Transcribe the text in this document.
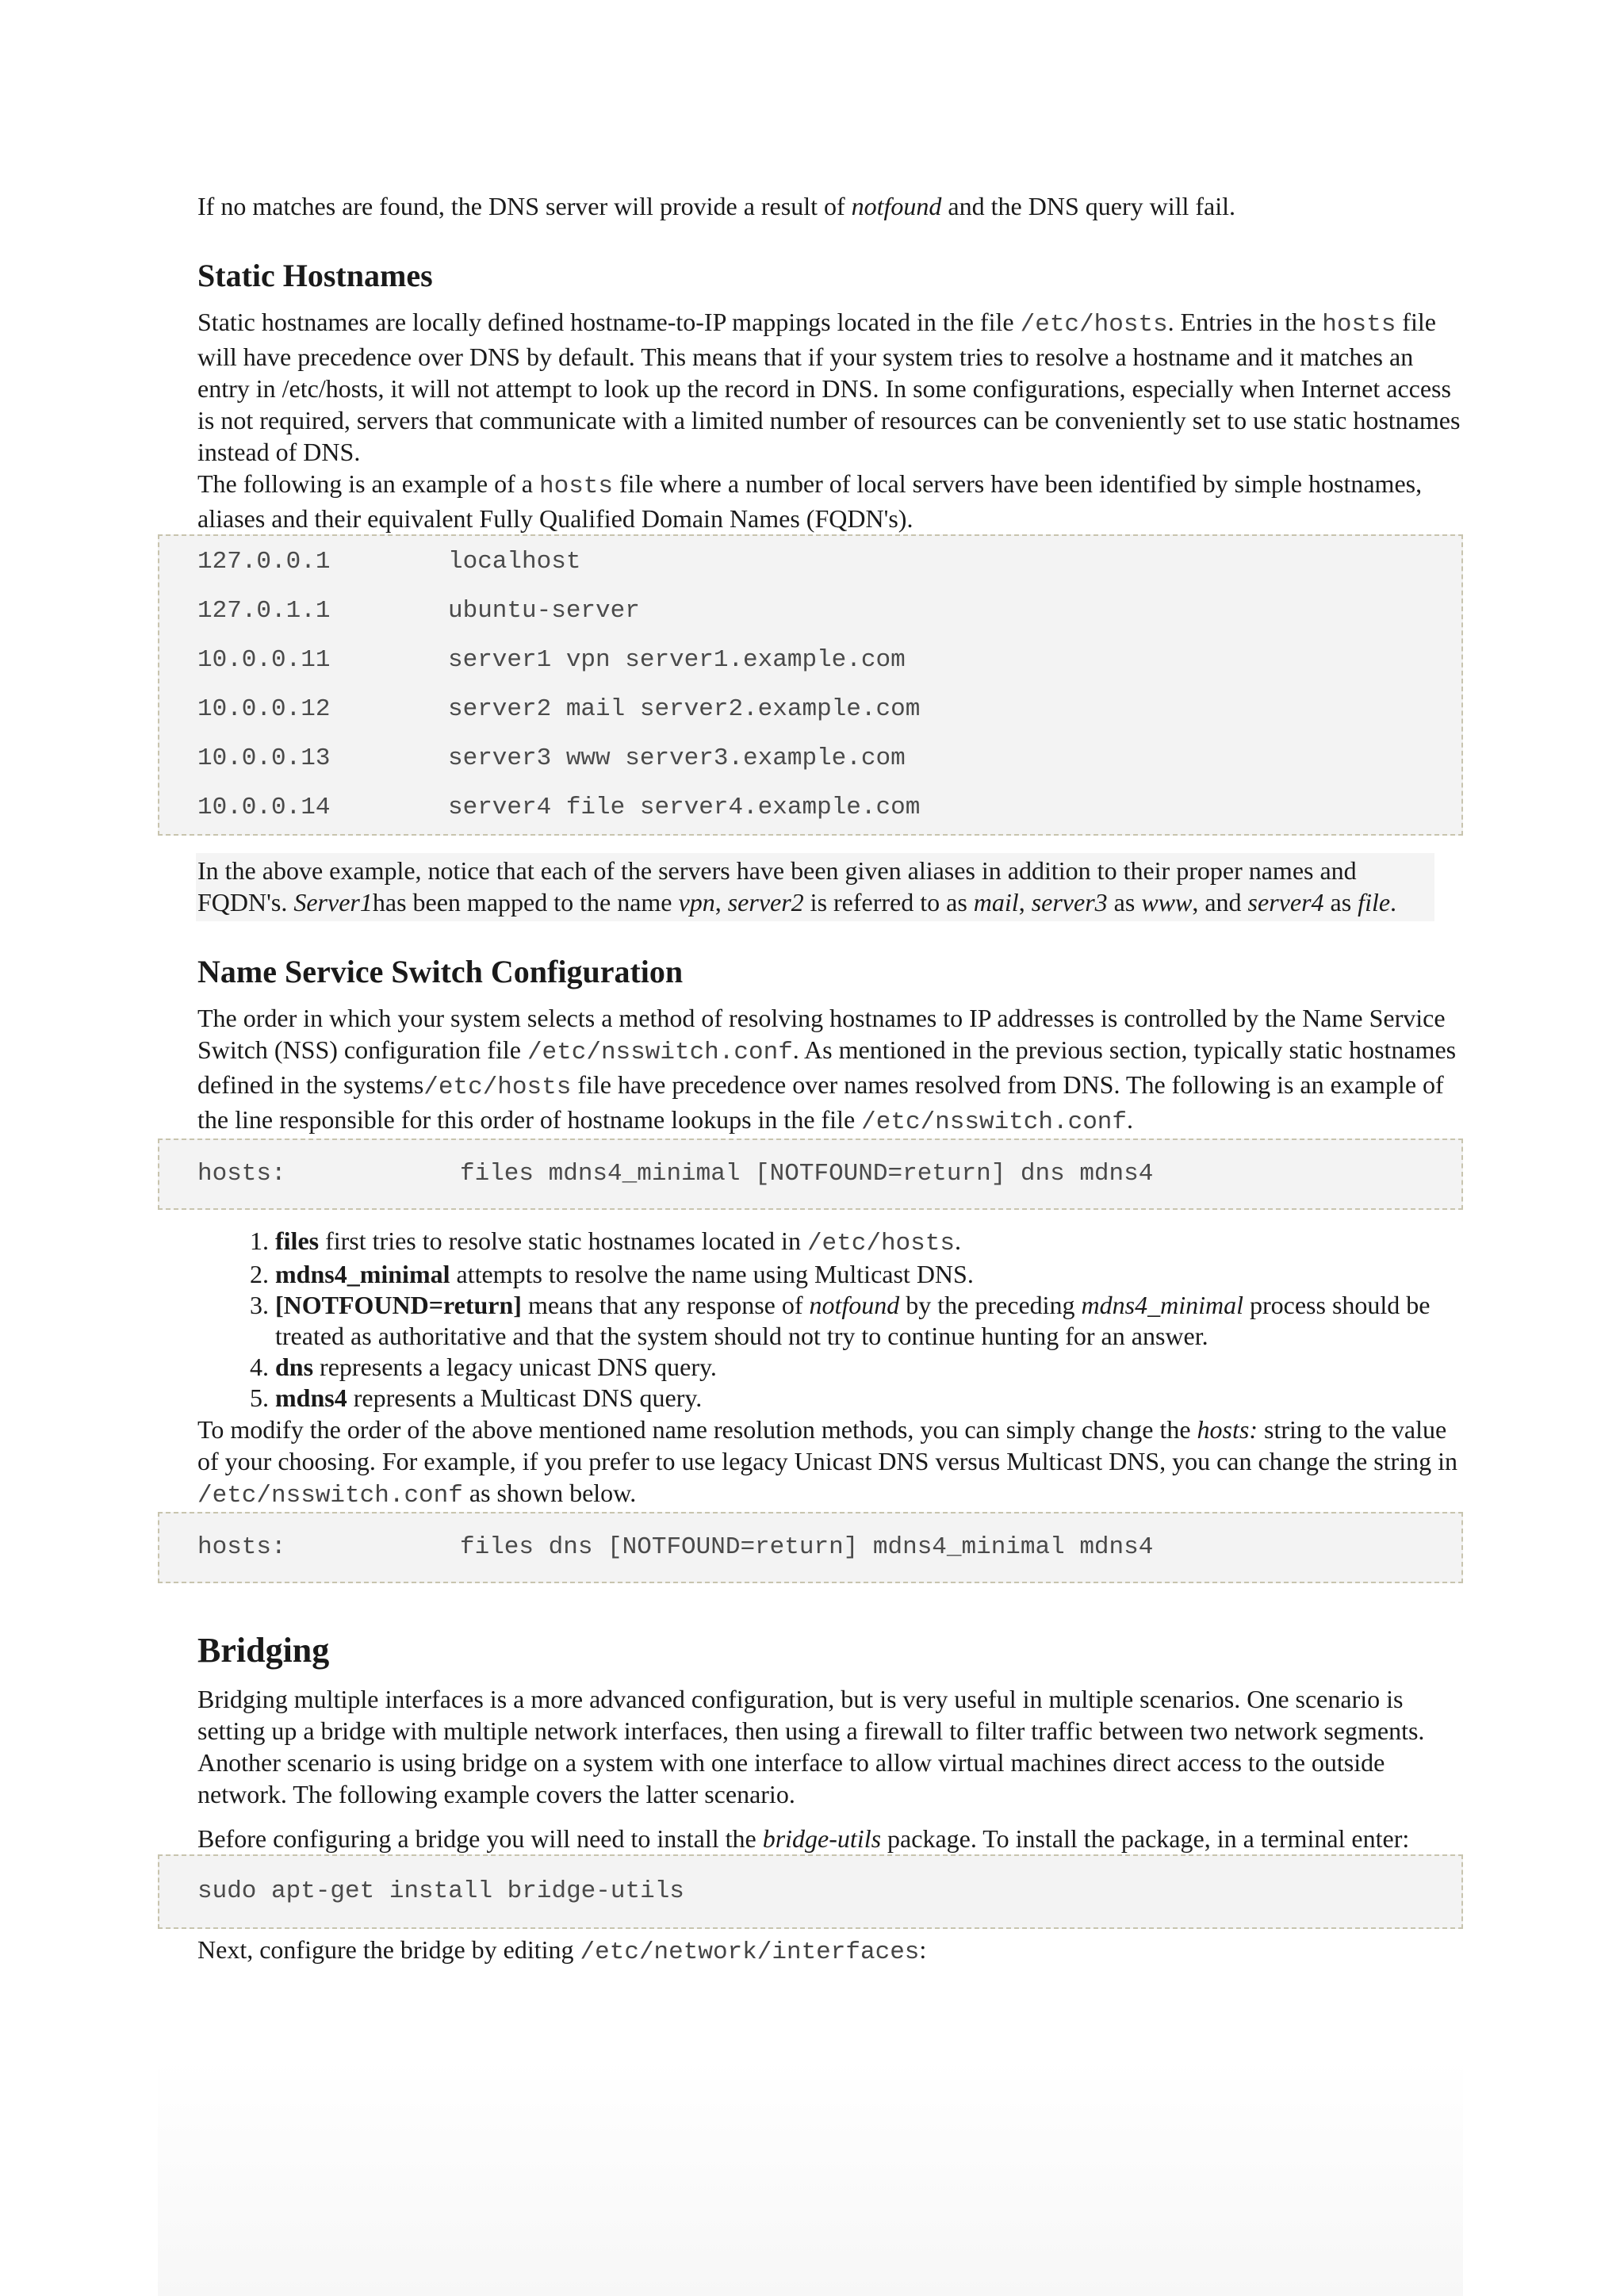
If no matches are found, the DNS server will provide a result of notfound and the DNS query will fail.

Static Hostnames

Static hostnames are locally defined hostname-to-IP mappings located in the file /etc/hosts. Entries in the hosts file will have precedence over DNS by default. This means that if your system tries to resolve a hostname and it matches an entry in /etc/hosts, it will not attempt to look up the record in DNS. In some configurations, especially when Internet access is not required, servers that communicate with a limited number of resources can be conveniently set to use static hostnames instead of DNS.

The following is an example of a hosts file where a number of local servers have been identified by simple hostnames, aliases and their equivalent Fully Qualified Domain Names (FQDN's).

127.0.0.1	localhost
127.0.1.1	ubuntu-server
10.0.0.11	server1 vpn server1.example.com
10.0.0.12	server2 mail server2.example.com
10.0.0.13	server3 www server3.example.com
10.0.0.14	server4 file server4.example.com

In the above example, notice that each of the servers have been given aliases in addition to their proper names and FQDN's. Server1has been mapped to the name vpn, server2 is referred to as mail, server3 as www, and server4 as file.

Name Service Switch Configuration

The order in which your system selects a method of resolving hostnames to IP addresses is controlled by the Name Service Switch (NSS) configuration file /etc/nsswitch.conf. As mentioned in the previous section, typically static hostnames defined in the systems/etc/hosts file have precedence over names resolved from DNS. The following is an example of the line responsible for this order of hostname lookups in the file /etc/nsswitch.conf.

hosts:	files mdns4_minimal [NOTFOUND=return] dns mdns4
1. files first tries to resolve static hostnames located in /etc/hosts.
2. mdns4_minimal attempts to resolve the name using Multicast DNS.
3. [NOTFOUND=return] means that any response of notfound by the preceding mdns4_minimal process should be treated as authoritative and that the system should not try to continue hunting for an answer.
4. dns represents a legacy unicast DNS query.
5. mdns4 represents a Multicast DNS query.

To modify the order of the above mentioned name resolution methods, you can simply change the hosts: string to the value of your choosing. For example, if you prefer to use legacy Unicast DNS versus Multicast DNS, you can change the string in /etc/nsswitch.conf as shown below.

hosts:	files dns [NOTFOUND=return] mdns4_minimal mdns4
Bridging

Bridging multiple interfaces is a more advanced configuration, but is very useful in multiple scenarios. One scenario is setting up a bridge with multiple network interfaces, then using a firewall to filter traffic between two network segments. Another scenario is using bridge on a system with one interface to allow virtual machines direct access to the outside network. The following example covers the latter scenario.

Before configuring a bridge you will need to install the bridge-utils package. To install the package, in a terminal enter:

sudo apt-get install bridge-utils

Next, configure the bridge by editing /etc/network/interfaces:
